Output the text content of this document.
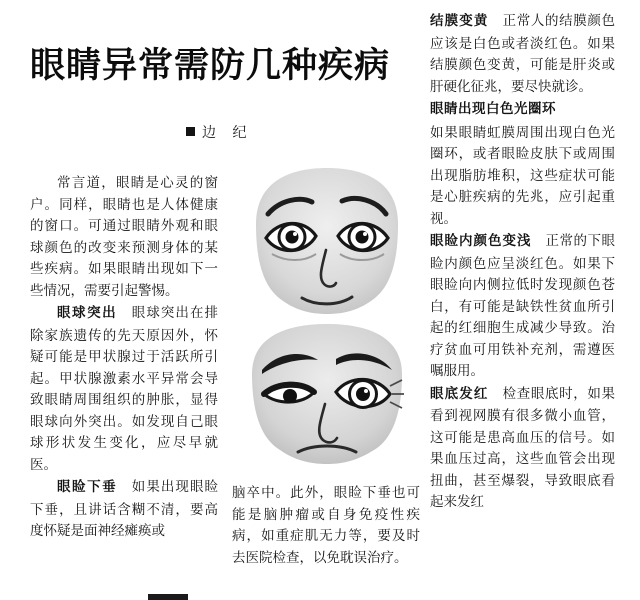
眼睛异常需防几种疾病
边 纪

常言道，眼睛是心灵的窗户。同样，眼睛也是人体健康的窗口。可通过眼睛外观和眼球颜色的改变来预测身体的某些疾病。如果眼睛出现如下一些情况，需要引起警惕。

眼球突出　 眼球突出在排除家族遗传的先天原因外，怀疑可能是甲状腺过于活跃所引起。甲状腺激素水平异常会导致眼睛周围组织的肿胀，显得眼球向外突出。如发现自己眼球形状发生变化，应尽早就医。

眼睑下垂　 如果出现眼睑下垂，且讲话含糊不清，要高度怀疑是面神经瘫痪或

脑卒中。此外，眼睑下垂也可能是脑肿瘤或自身免疫性疾病，如重症肌无力等，要及时去医院检查，以免耽误治疗。

结膜变黄　 正常人的结膜颜色应该是白色或者淡红色。如果结膜颜色变黄，可能是肝炎或肝硬化征兆，要尽快就诊。

眼睛出现白色光圈环

如果眼睛虹膜周围出现白色光圈环，或者眼睑皮肤下或周围出现脂肪堆积，这些症状可能是心脏疾病的先兆，应引起重视。

眼睑内颜色变浅　 正常的下眼睑内颜色应呈淡红色。如果下眼睑向内侧拉低时发现颜色苍白，有可能是缺铁性贫血所引起的红细胞生成减少导致。治疗贫血可用铁补充剂，需遵医嘱服用。

眼底发红　 检查眼底时，如果看到视网膜有很多微小血管，这可能是患高血压的信号。如果血压过高，这些血管会出现扭曲，甚至爆裂，导致眼底看起来发红
